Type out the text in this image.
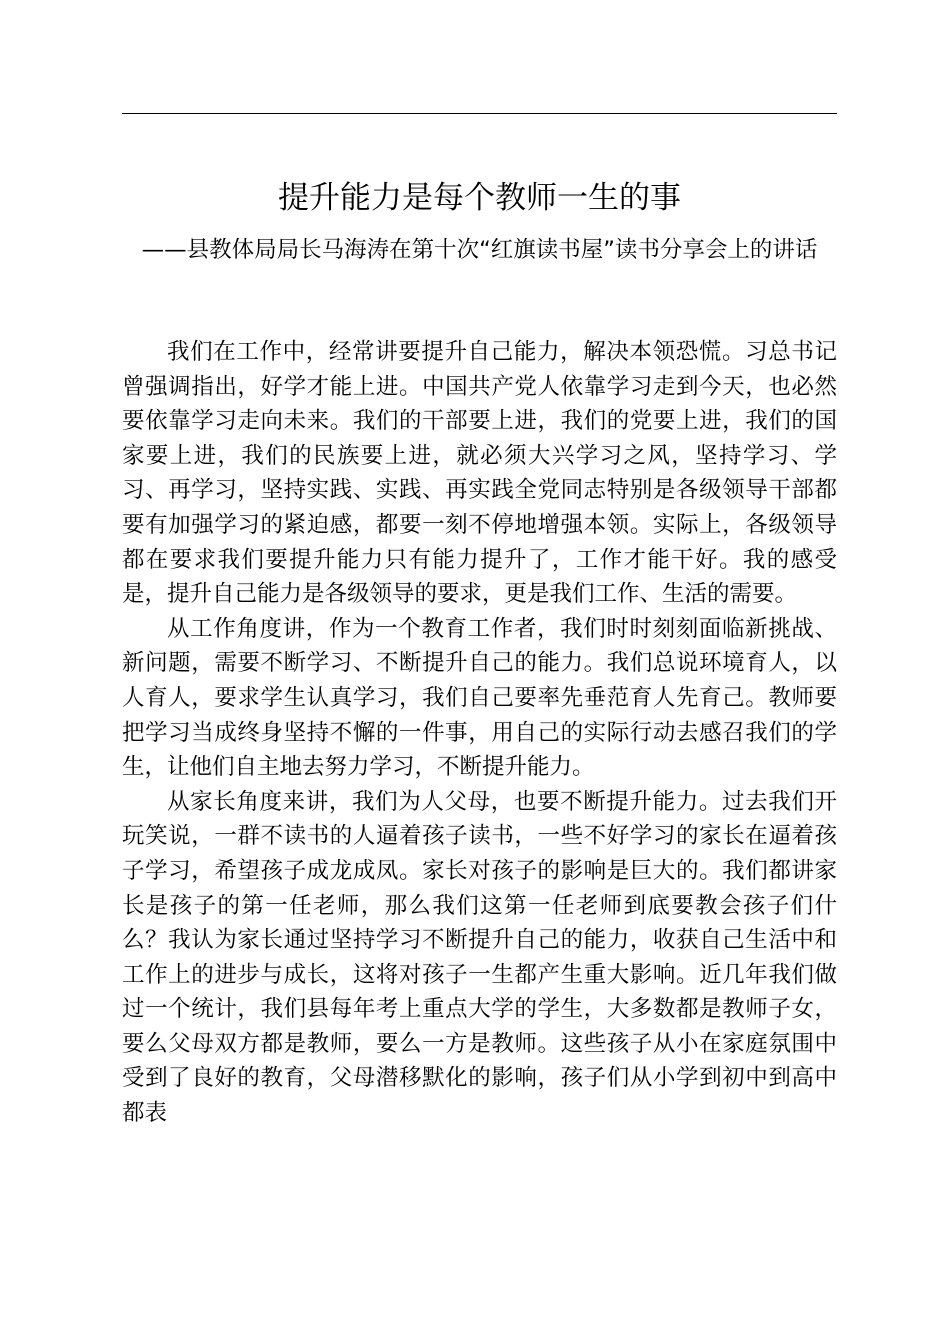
提升能力是每个教师一生的事
——县教体局局长马海涛在第十次“红旗读书屋”读书分享会上的讲话

我们在工作中，经常讲要提升自己能力，解决本领恐慌。习总书记曾强调指出，好学才能上进。中国共产党人依靠学习走到今天，也必然要依靠学习走向未来。我们的干部要上进，我们的党要上进，我们的国家要上进，我们的民族要上进，就必须大兴学习之风，坚持学习、学习、再学习，坚持实践、实践、再实践全党同志特别是各级领导干部都要有加强学习的紧迫感，都要一刻不停地增强本领。实际上，各级领导都在要求我们要提升能力只有能力提升了，工作才能干好。我的感受是，提升自己能力是各级领导的要求，更是我们工作、生活的需要。

从工作角度讲，作为一个教育工作者，我们时时刻刻面临新挑战、新问题，需要不断学习、不断提升自己的能力。我们总说环境育人，以人育人，要求学生认真学习，我们自己要率先垂范育人先育己。教师要把学习当成终身坚持不懈的一件事，用自己的实际行动去感召我们的学生，让他们自主地去努力学习，不断提升能力。

从家长角度来讲，我们为人父母，也要不断提升能力。过去我们开玩笑说，一群不读书的人逼着孩子读书，一些不好学习的家长在逼着孩子学习，希望孩子成龙成凤。家长对孩子的影响是巨大的。我们都讲家长是孩子的第一任老师，那么我们这第一任老师到底要教会孩子们什么？我认为家长通过坚持学习不断提升自己的能力，收获自己生活中和工作上的进步与成长，这将对孩子一生都产生重大影响。近几年我们做过一个统计，我们县每年考上重点大学的学生，大多数都是教师子女，要么父母双方都是教师，要么一方是教师。这些孩子从小在家庭氛围中受到了良好的教育，父母潜移默化的影响，孩子们从小学到初中到高中都表
